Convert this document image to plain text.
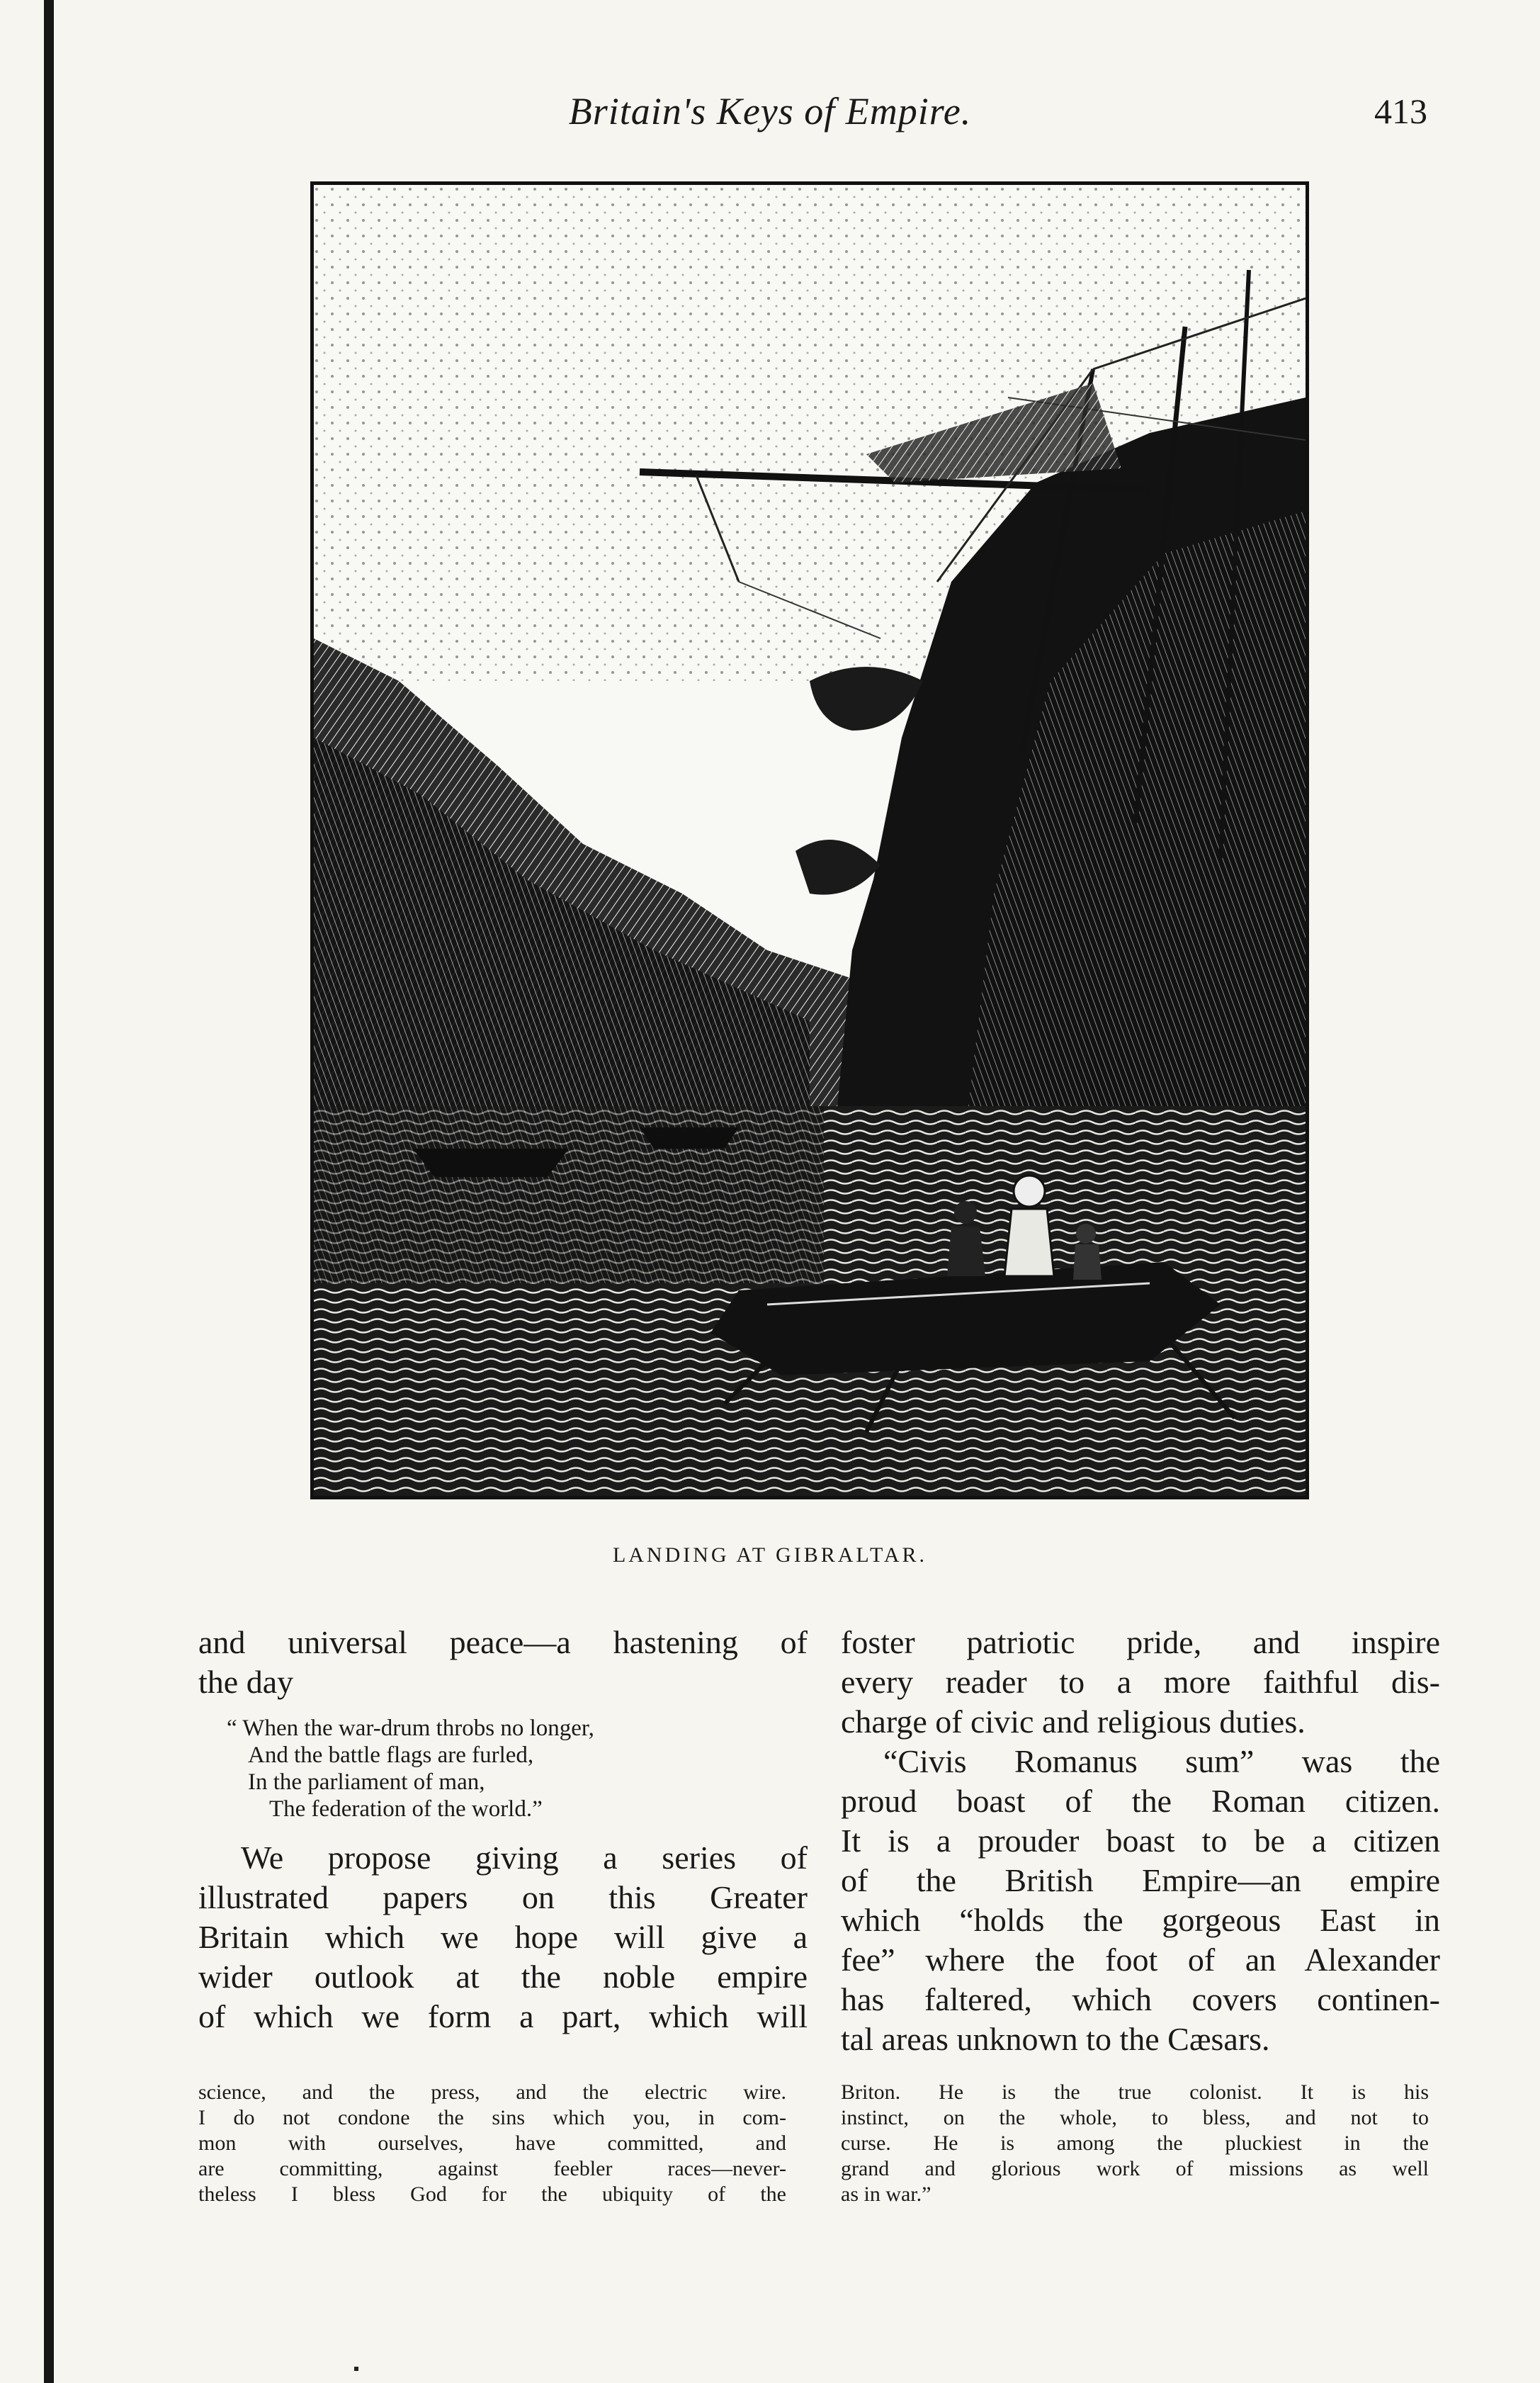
Britain's Keys of Empire.	413
LANDING AT GIBRALTAR.

and universal peace—a hastening of
the day

“ When the war-drum throbs no longer,
And the battle flags are furled,
In the parliament of man,
The federation of the world.”

We propose giving a series of
illustrated papers on this Greater
Britain which we hope will give a
wider outlook at the noble empire
of which we form a part, which will

foster patriotic pride, and inspire
every reader to a more faithful dis-
charge of civic and religious duties.
“Civis Romanus sum” was the
proud boast of the Roman citizen.
It is a prouder boast to be a citizen
of the British Empire—an empire
which “holds the gorgeous East in
fee” where the foot of an Alexander
has faltered, which covers continen-
tal areas unknown to the Cæsars.

science, and the press, and the electric wire.
I do not condone the sins which you, in com-
mon with ourselves, have committed, and
are committing, against feebler races—never-
theless I bless God for the ubiquity of the
Briton. He is the true colonist. It is his
instinct, on the whole, to bless, and not to
curse. He is among the pluckiest in the
grand and glorious work of missions as well
as in war.”
